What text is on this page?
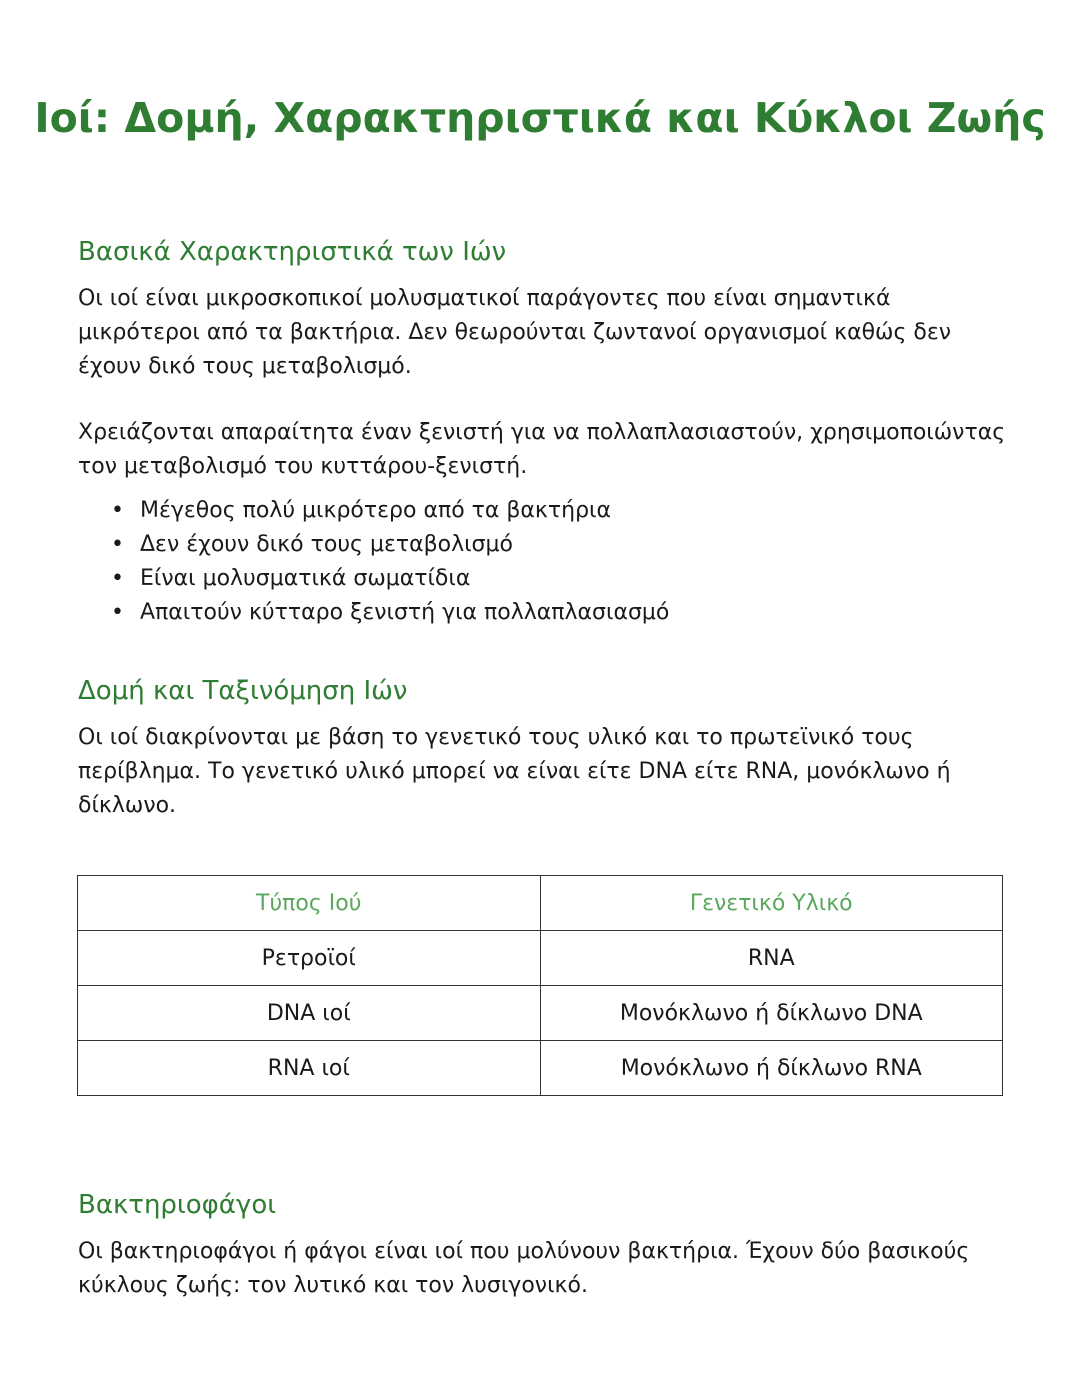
Ιοί: Δομή, Χαρακτηριστικά και Κύκλοι Ζωής
Βασικά Χαρακτηριστικά των Ιών

Οι ιοί είναι μικροσκοπικοί μολυσματικοί παράγοντες που είναι σημαντικά μικρότεροι από τα βακτήρια. Δεν θεωρούνται ζωντανοί οργανισμοί καθώς δεν έχουν δικό τους μεταβολισμό.

Χρειάζονται απαραίτητα έναν ξενιστή για να πολλαπλασιαστούν, χρησιμοποιώντας τον μεταβολισμό του κυττάρου-ξενιστή.

• Μέγεθος πολύ μικρότερο από τα βακτήρια
• Δεν έχουν δικό τους μεταβολισμό
• Είναι μολυσματικά σωματίδια
• Απαιτούν κύτταρο ξενιστή για πολλαπλασιασμό
Δομή και Ταξινόμηση Ιών

Οι ιοί διακρίνονται με βάση το γενετικό τους υλικό και το πρωτεϊνικό τους περίβλημα. Το γενετικό υλικό μπορεί να είναι είτε DNA είτε RNA, μονόκλωνο ή δίκλωνο.

Τύπος Ιού	Γενετικό Υλικό
Ρετροϊοί	RNA
DNA ιοί	Μονόκλωνο ή δίκλωνο DNA
RNA ιοί	Μονόκλωνο ή δίκλωνο RNA
Βακτηριοφάγοι

Οι βακτηριοφάγοι ή φάγοι είναι ιοί που μολύνουν βακτήρια. Έχουν δύο βασικούς κύκλους ζωής: τον λυτικό και τον λυσιγονικό.
